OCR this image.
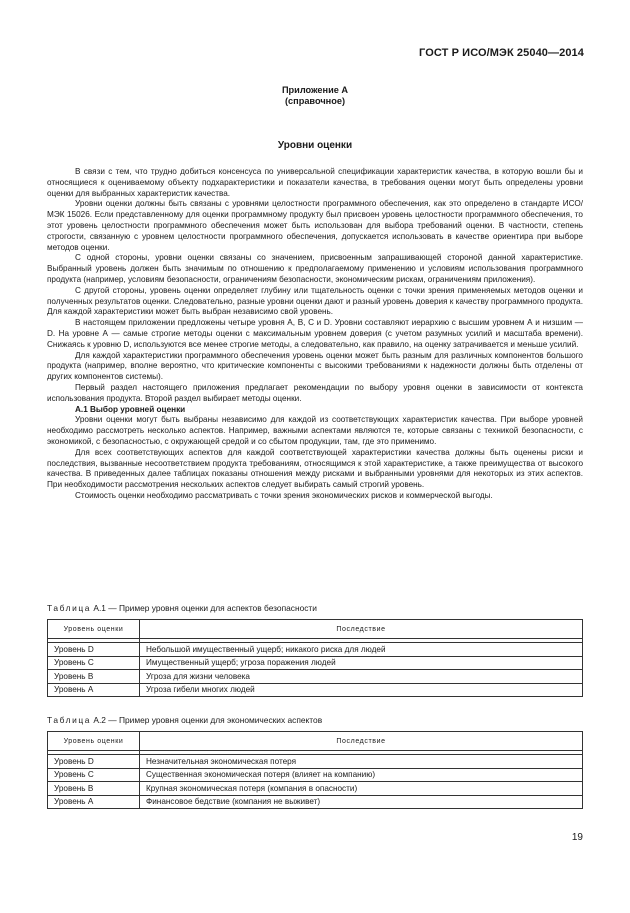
ГОСТ Р ИСО/МЭК 25040—2014
Приложение А
(справочное)
Уровни оценки

В связи с тем, что трудно добиться консенсуса по универсальной спецификации характеристик качества, в которую вошли бы и относящиеся к оцениваемому объекту подхарактеристики и показатели качества, в требования оценки могут быть определены уровни оценки для выбранных характеристик качества.

Уровни оценки должны быть связаны с уровнями целостности программного обеспечения, как это определено в стандарте ИСО/МЭК 15026. Если представленному для оценки программному продукту был присвоен уровень целостности программного обеспечения, то этот уровень целостности программного обеспечения может быть использован для выбора требований оценки. В частности, степень строгости, связанную с уровнем целостности программного обеспечения, допускается использовать в качестве ориентира при выборе методов оценки.

С одной стороны, уровни оценки связаны со значением, присвоенным запрашивающей стороной данной характеристике. Выбранный уровень должен быть значимым по отношению к предполагаемому применению и условиям использования программного продукта (например, условиям безопасности, ограничениям безопасности, экономическим рискам, ограничениям приложения).

С другой стороны, уровень оценки определяет глубину или тщательность оценки с точки зрения применяемых методов оценки и полученных результатов оценки. Следовательно, разные уровни оценки дают и разный уровень доверия к качеству программного продукта. Для каждой характеристики может быть выбран независимо свой уровень.

В настоящем приложении предложены четыре уровня А, В, С и D. Уровни составляют иерархию с высшим уровнем А и низшим — D. На уровне А — самые строгие методы оценки с максимальным уровнем доверия (с учетом разумных усилий и масштаба времени). Снижаясь к уровню D, используются все менее строгие методы, а следовательно, как правило, на оценку затрачивается и меньше усилий.

Для каждой характеристики программного обеспечения уровень оценки может быть разным для различных компонентов большого продукта (например, вполне вероятно, что критические компоненты с высокими требованиями к надежности должны быть отделены от других компонентов системы).

Первый раздел настоящего приложения предлагает рекомендации по выбору уровня оценки в зависимости от контекста использования продукта. Второй раздел выбирает методы оценки.

А.1 Выбор уровней оценки

Уровни оценки могут быть выбраны независимо для каждой из соответствующих характеристик качества. При выборе уровней необходимо рассмотреть несколько аспектов. Например, важными аспектами являются те, которые связаны с техникой безопасности, с экономикой, с безопасностью, с окружающей средой и со сбытом продукции, там, где это применимо.

Для всех соответствующих аспектов для каждой соответствующей характеристики качества должны быть оценены риски и последствия, вызванные несоответствием продукта требованиям, относящимся к этой характеристике, а также преимущества от высокого качества. В приведенных далее таблицах показаны отношения между рисками и выбранными уровнями для некоторых из этих аспектов. При необходимости рассмотрения нескольких аспектов следует выбирать самый строгий уровень.

Стоимость оценки необходимо рассматривать с точки зрения экономических рисков и коммерческой выгоды.

Таблица А.1 — Пример уровня оценки для аспектов безопасности
Уровень оценки	Последствие

Уровень D	Небольшой имущественный ущерб; никакого риска для людей
Уровень С	Имущественный ущерб; угроза поражения людей
Уровень В	Угроза для жизни человека
Уровень А	Угроза гибели многих людей
Таблица А.2 — Пример уровня оценки для экономических аспектов
Уровень оценки	Последствие

Уровень D	Незначительная экономическая потеря
Уровень С	Существенная экономическая потеря (влияет на компанию)
Уровень В	Крупная экономическая потеря (компания в опасности)
Уровень А	Финансовое бедствие (компания не выживет)
19
